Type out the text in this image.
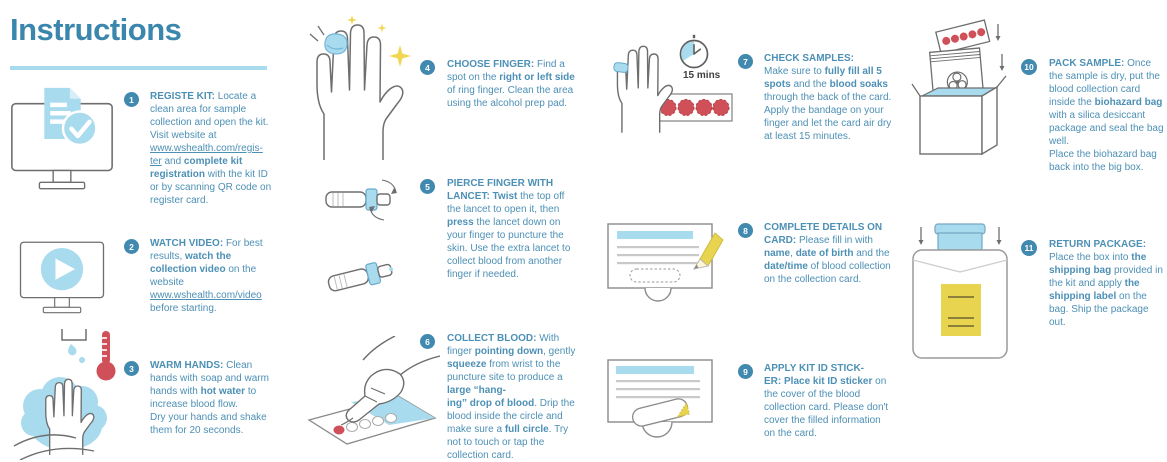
Instructions
1	REGISTE KIT: Locate a clean area for sample collection and open the kit. Visit website at www.wshealth.com/regis-
ter and complete kit registration with the kit ID or by scanning QR code on register card.
2	WATCH VIDEO: For best results, watch the collection video on the website
www.wshealth.com/video
before starting.
3	WARM HANDS: Clean hands with soap and warm hands with hot water to increase blood flow.
Dry your hands and shake them for 20 seconds.
4	CHOOSE FINGER: Find a spot on the right or left side of ring finger. Clean the area using the alcohol prep pad.
5	PIERCE FINGER WITH LANCET: Twist the top off the lancet to open it, then press the lancet down on your finger to puncture the skin. Use the extra lancet to collect blood from another finger if needed.
6	COLLECT BLOOD: With finger pointing down, gently squeeze from wrist to the puncture site to produce a large “hang-
ing” drop of blood. Drip the blood inside the circle and make sure a full circle. Try not to touch or tap the collection card.
15 mins
7	CHECK SAMPLES:
Make sure to fully fill all 5 spots and the blood soaks through the back of the card.
Apply the bandage on your finger and let the card air dry at least 15 minutes.
8	COMPLETE DETAILS ON CARD: Please fill in with name, date of birth and the date/time of blood collection on the collection card.
9	APPLY KIT ID STICK-
ER: Place kit ID sticker on the cover of the blood collection card. Please don't cover the filled information on the card.
10	PACK SAMPLE: Once the sample is dry, put the blood collection card inside the biohazard bag with a silica desiccant package and seal the bag well.
Place the biohazard bag back into the big box.
11	RETURN PACKAGE:
Place the box into the shipping bag provided in the kit and apply the shipping label on the bag. Ship the package out.
